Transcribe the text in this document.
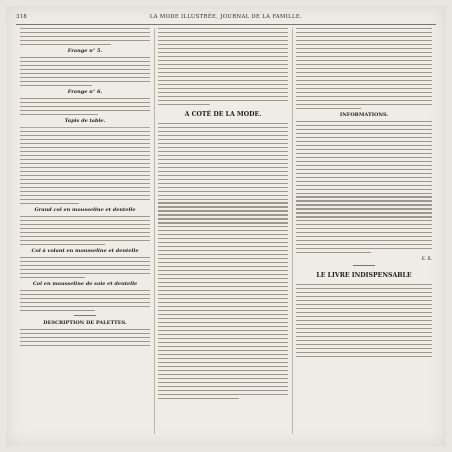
318	LA MODE ILLUSTRÉE, JOURNAL DE LA FAMILLE.
Frange n° 5.
Frange n° 6.
Tapis de table.
Graud col en mousseline et dentelle
Col à volant en mousseline et dentelle
Col en mousseline de soie et dentelle
DESCRIPTION DE PALETTES.
A COTÉ DE LA MODE.	INFORMATIONS.
E. R.
LE LIVRE INDISPENSABLE
